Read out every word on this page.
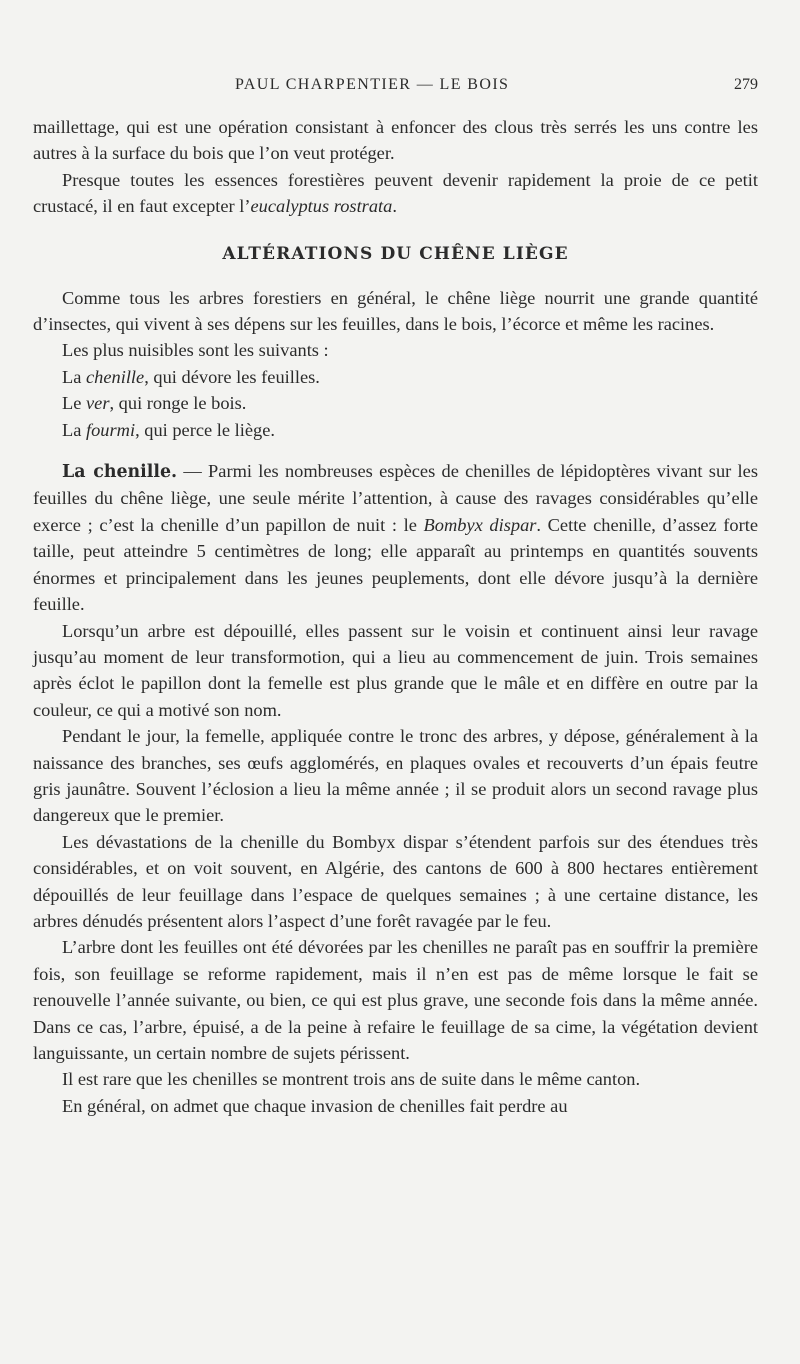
PAUL CHARPENTIER — LE BOIS	279

maillettage, qui est une opération consistant à enfoncer des clous très serrés les uns contre les autres à la surface du bois que l’on veut protéger.

Presque toutes les essences forestières peuvent devenir rapidement la proie de ce petit crustacé, il en faut excepter l’eucalyptus rostrata.

ALTÉRATIONS DU CHÊNE LIÈGE

Comme tous les arbres forestiers en général, le chêne liège nourrit une grande quantité d’insectes, qui vivent à ses dépens sur les feuilles, dans le bois, l’écorce et même les racines.

Les plus nuisibles sont les suivants :

La chenille, qui dévore les feuilles.

Le ver, qui ronge le bois.

La fourmi, qui perce le liège.

La chenille. — Parmi les nombreuses espèces de chenilles de lépidoptères vivant sur les feuilles du chêne liège, une seule mérite l’attention, à cause des ravages considérables qu’elle exerce ; c’est la chenille d’un papillon de nuit : le Bombyx dispar. Cette chenille, d’assez forte taille, peut atteindre 5 centimètres de long; elle apparaît au printemps en quantités souvents énormes et principalement dans les jeunes peuplements, dont elle dévore jusqu’à la dernière feuille.

Lorsqu’un arbre est dépouillé, elles passent sur le voisin et continuent ainsi leur ravage jusqu’au moment de leur transformotion, qui a lieu au commencement de juin. Trois semaines après éclot le papillon dont la femelle est plus grande que le mâle et en diffère en outre par la couleur, ce qui a motivé son nom.

Pendant le jour, la femelle, appliquée contre le tronc des arbres, y dépose, généralement à la naissance des branches, ses œufs agglomérés, en plaques ovales et recouverts d’un épais feutre gris jaunâtre. Souvent l’éclosion a lieu la même année ; il se produit alors un second ravage plus dangereux que le premier.

Les dévastations de la chenille du Bombyx dispar s’étendent parfois sur des étendues très considérables, et on voit souvent, en Algérie, des cantons de 600 à 800 hectares entièrement dépouillés de leur feuillage dans l’espace de quelques semaines ; à une certaine distance, les arbres dénudés présentent alors l’aspect d’une forêt ravagée par le feu.

L’arbre dont les feuilles ont été dévorées par les chenilles ne paraît pas en souffrir la première fois, son feuillage se reforme rapidement, mais il n’en est pas de même lorsque le fait se renouvelle l’année suivante, ou bien, ce qui est plus grave, une seconde fois dans la même année. Dans ce cas, l’arbre, épuisé, a de la peine à refaire le feuillage de sa cime, la végétation devient languissante, un certain nombre de sujets périssent.

Il est rare que les chenilles se montrent trois ans de suite dans le même canton.

En général, on admet que chaque invasion de chenilles fait perdre au
